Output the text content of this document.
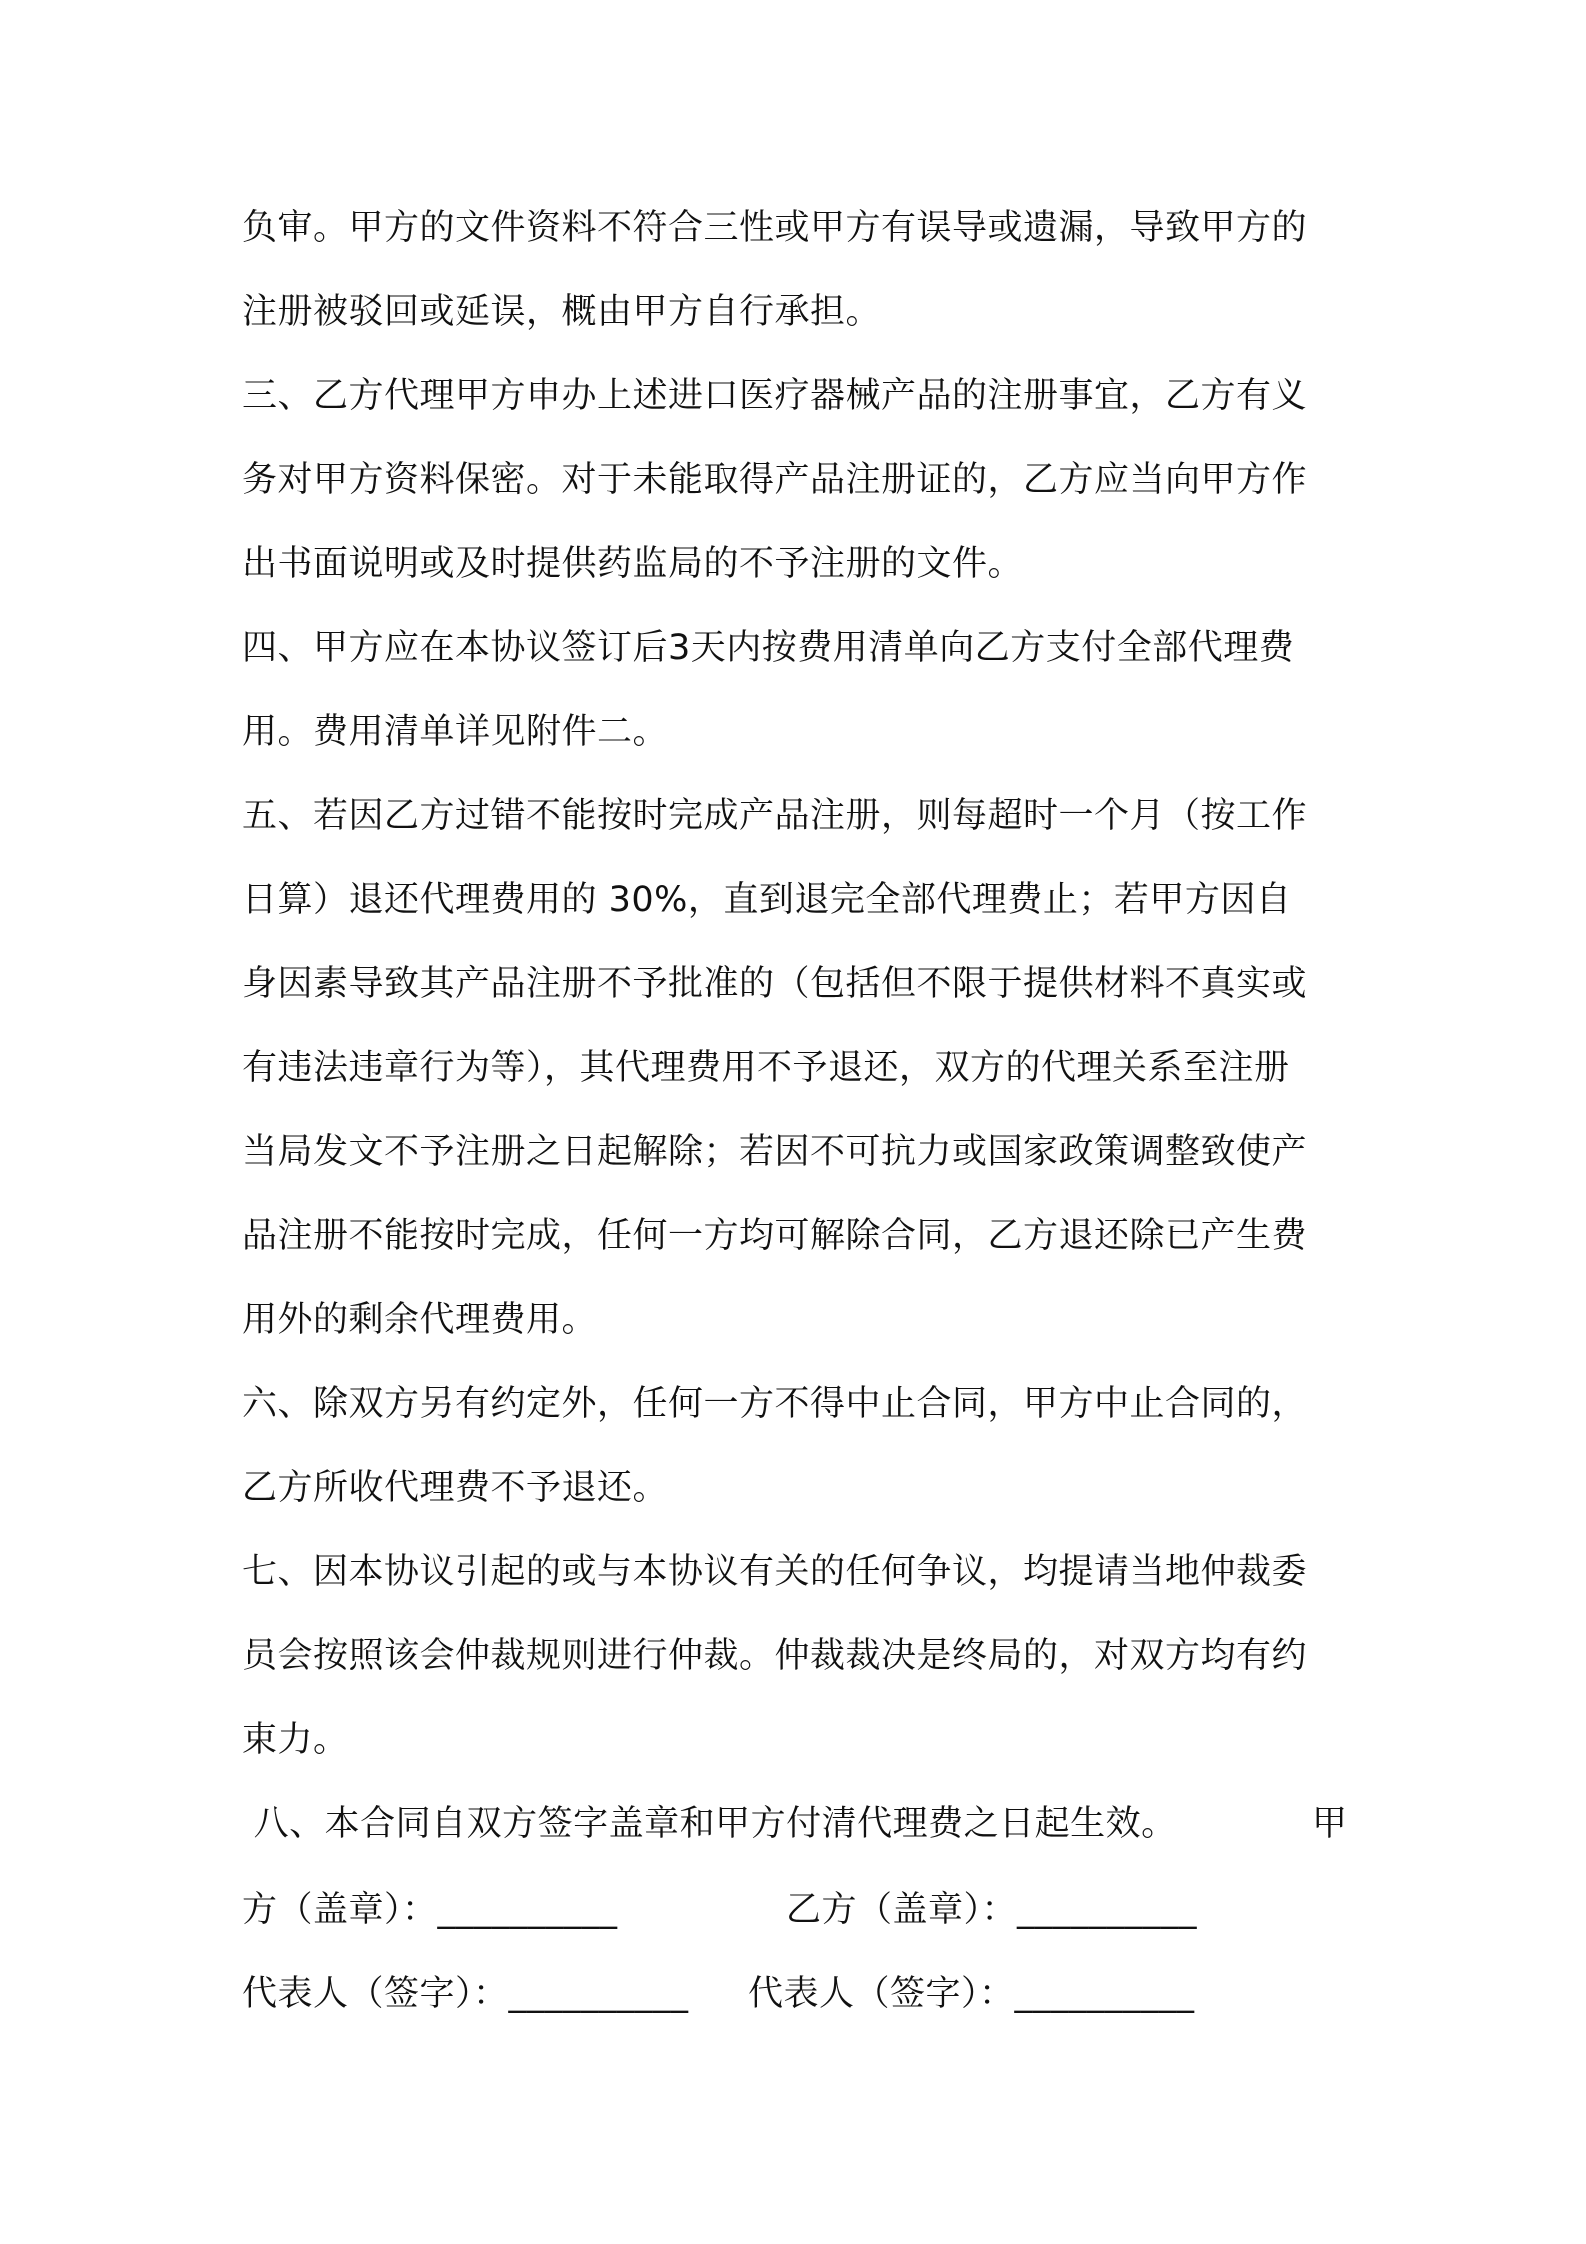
负审。甲方的文件资料不符合三性或甲方有误导或遗漏，导致甲方的
注册被驳回或延误，概由甲方自行承担。
三、乙方代理甲方申办上述进口医疗器械产品的注册事宜，乙方有义
务对甲方资料保密。对于未能取得产品注册证的，乙方应当向甲方作
出书面说明或及时提供药监局的不予注册的文件。
四、甲方应在本协议签订后3天内按费用清单向乙方支付全部代理费
用。费用清单详见附件二。
五、若因乙方过错不能按时完成产品注册，则每超时一个月（按工作
日算）退还代理费用的 30%，直到退完全部代理费止；若甲方因自
身因素导致其产品注册不予批准的（包括但不限于提供材料不真实或
有违法违章行为等），其代理费用不予退还，双方的代理关系至注册
当局发文不予注册之日起解除；若因不可抗力或国家政策调整致使产
品注册不能按时完成，任何一方均可解除合同，乙方退还除已产生费
用外的剩余代理费用。
六、除双方另有约定外，任何一方不得中止合同，甲方中止合同的，
乙方所收代理费不予退还。
七、因本协议引起的或与本协议有关的任何争议，均提请当地仲裁委
员会按照该会仲裁规则进行仲裁。仲裁裁决是终局的，对双方均有约
束力。
八、本合同自双方签字盖章和甲方付清代理费之日起生效。	甲
方（盖章）：__________	乙方（盖章）：__________
代表人（签字）：__________ 代表人（签字）：__________
